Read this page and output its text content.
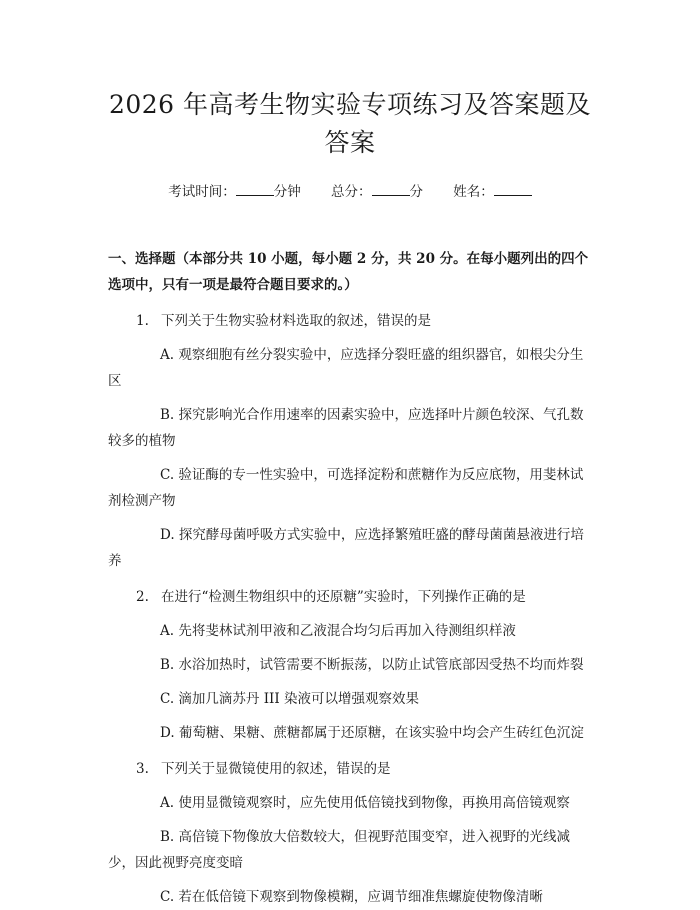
2026 年高考生物实验专项练习及答案题及答案
考试时间：	分钟 总分：	分 姓名：
一、选择题（本部分共 10 小题，每小题 2 分，共 20 分。在每小题列出的四个选项中，只有一项是最符合题目要求的。）
1. 下列关于生物实验材料选取的叙述，错误的是
A. 观察细胞有丝分裂实验中，应选择分裂旺盛的组织器官，如根尖分生区
B. 探究影响光合作用速率的因素实验中，应选择叶片颜色较深、气孔数较多的植物
C. 验证酶的专一性实验中，可选择淀粉和蔗糖作为反应底物，用斐林试剂检测产物
D. 探究酵母菌呼吸方式实验中，应选择繁殖旺盛的酵母菌菌悬液进行培养
2. 在进行“检测生物组织中的还原糖”实验时，下列操作正确的是
A. 先将斐林试剂甲液和乙液混合均匀后再加入待测组织样液
B. 水浴加热时，试管需要不断振荡，以防止试管底部因受热不均而炸裂
C. 滴加几滴苏丹 III 染液可以增强观察效果
D. 葡萄糖、果糖、蔗糖都属于还原糖，在该实验中均会产生砖红色沉淀
3. 下列关于显微镜使用的叙述，错误的是
A. 使用显微镜观察时，应先使用低倍镜找到物像，再换用高倍镜观察
B. 高倍镜下物像放大倍数较大，但视野范围变窄，进入视野的光线减少，因此视野亮度变暗
C. 若在低倍镜下观察到物像模糊，应调节细准焦螺旋使物像清晰
